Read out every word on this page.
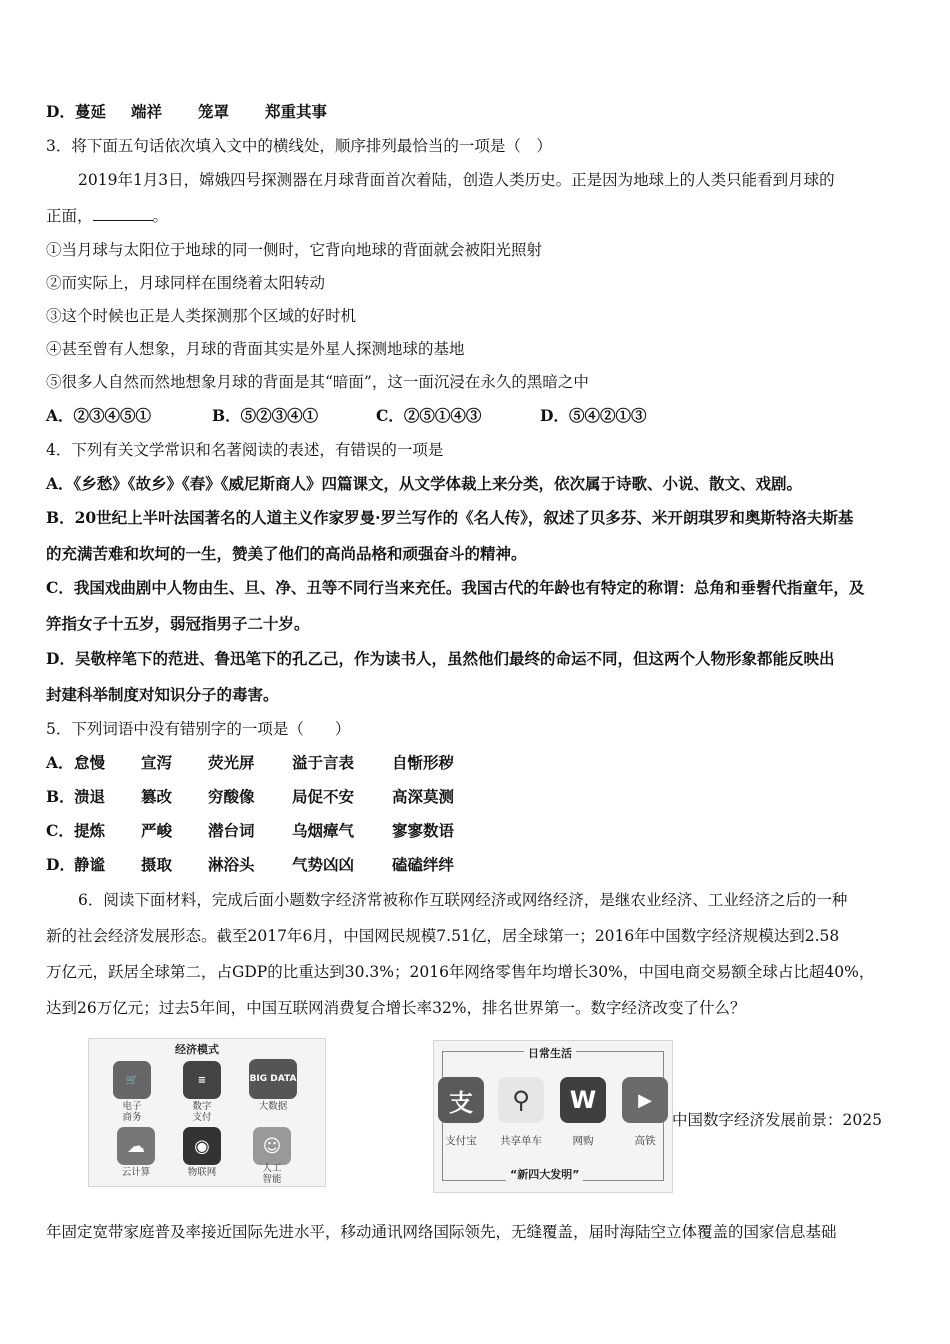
D．蔓延 端祥 笼罩 郑重其事
3．将下面五句话依次填入文中的横线处，顺序排列最恰当的一项是（　）
2019年1月3日，嫦娥四号探测器在月球背面首次着陆，创造人类历史。正是因为地球上的人类只能看到月球的
正面，	。
①当月球与太阳位于地球的同一侧时，它背向地球的背面就会被阳光照射
②而实际上，月球同样在围绕着太阳转动
③这个时候也正是人类探测那个区域的好时机
④甚至曾有人想象，月球的背面其实是外星人探测地球的基地
⑤很多人自然而然地想象月球的背面是其“暗面”，这一面沉浸在永久的黑暗之中
A．②③④⑤①	B．⑤②③④①	C．②⑤①④③	D．⑤④②①③
4．下列有关文学常识和名著阅读的表述，有错误的一项是
A．《乡愁》《故乡》《春》《威尼斯商人》四篇课文，从文学体裁上来分类，依次属于诗歌、小说、散文、戏剧。
B．20世纪上半叶法国著名的人道主义作家罗曼·罗兰写作的《名人传》，叙述了贝多芬、米开朗琪罗和奥斯特洛夫斯基
的充满苦难和坎坷的一生，赞美了他们的高尚品格和顽强奋斗的精神。
C．我国戏曲剧中人物由生、旦、净、丑等不同行当来充任。我国古代的年龄也有特定的称谓：总角和垂髫代指童年，及
笄指女子十五岁，弱冠指男子二十岁。
D．吴敬梓笔下的范进、鲁迅笔下的孔乙己，作为读书人，虽然他们最终的命运不同，但这两个人物形象都能反映出
封建科举制度对知识分子的毒害。
5．下列词语中没有错别字的一项是（　　）
A．怠慢 宣泻 荧光屏 溢于言表 自惭形秽
B．溃退 篡改 穷酸像 局促不安 高深莫测
C．提炼 严峻 潜台词 乌烟瘴气 寥寥数语
D．静谧 摄取 淋浴头 气势凶凶 磕磕绊绊
6．阅读下面材料，完成后面小题数字经济常被称作互联网经济或网络经济，是继农业经济、工业经济之后的一种
新的社会经济发展形态。截至2017年6月，中国网民规模7.51亿，居全球第一；2016年中国数字经济规模达到2.58
万亿元，跃居全球第二，占GDP的比重达到30.3%；2016年网络零售年均增长30%，中国电商交易额全球占比超40%，
达到26万亿元；过去5年间，中国互联网消费复合增长率32%，排名世界第一。数字经济改变了什么？
经济模式
🛒
电子
商务
≡
数字
支付
BIG DATA
大数据
☁
云计算
◉
物联网
☺
人工
智能
日常生活
支
支付宝
⚲
共享单车
W
网购
▶
高铁
“新四大发明”
中国数字经济发展前景：2025
年固定宽带家庭普及率接近国际先进水平，移动通讯网络国际领先，无缝覆盖，届时海陆空立体覆盖的国家信息基础
